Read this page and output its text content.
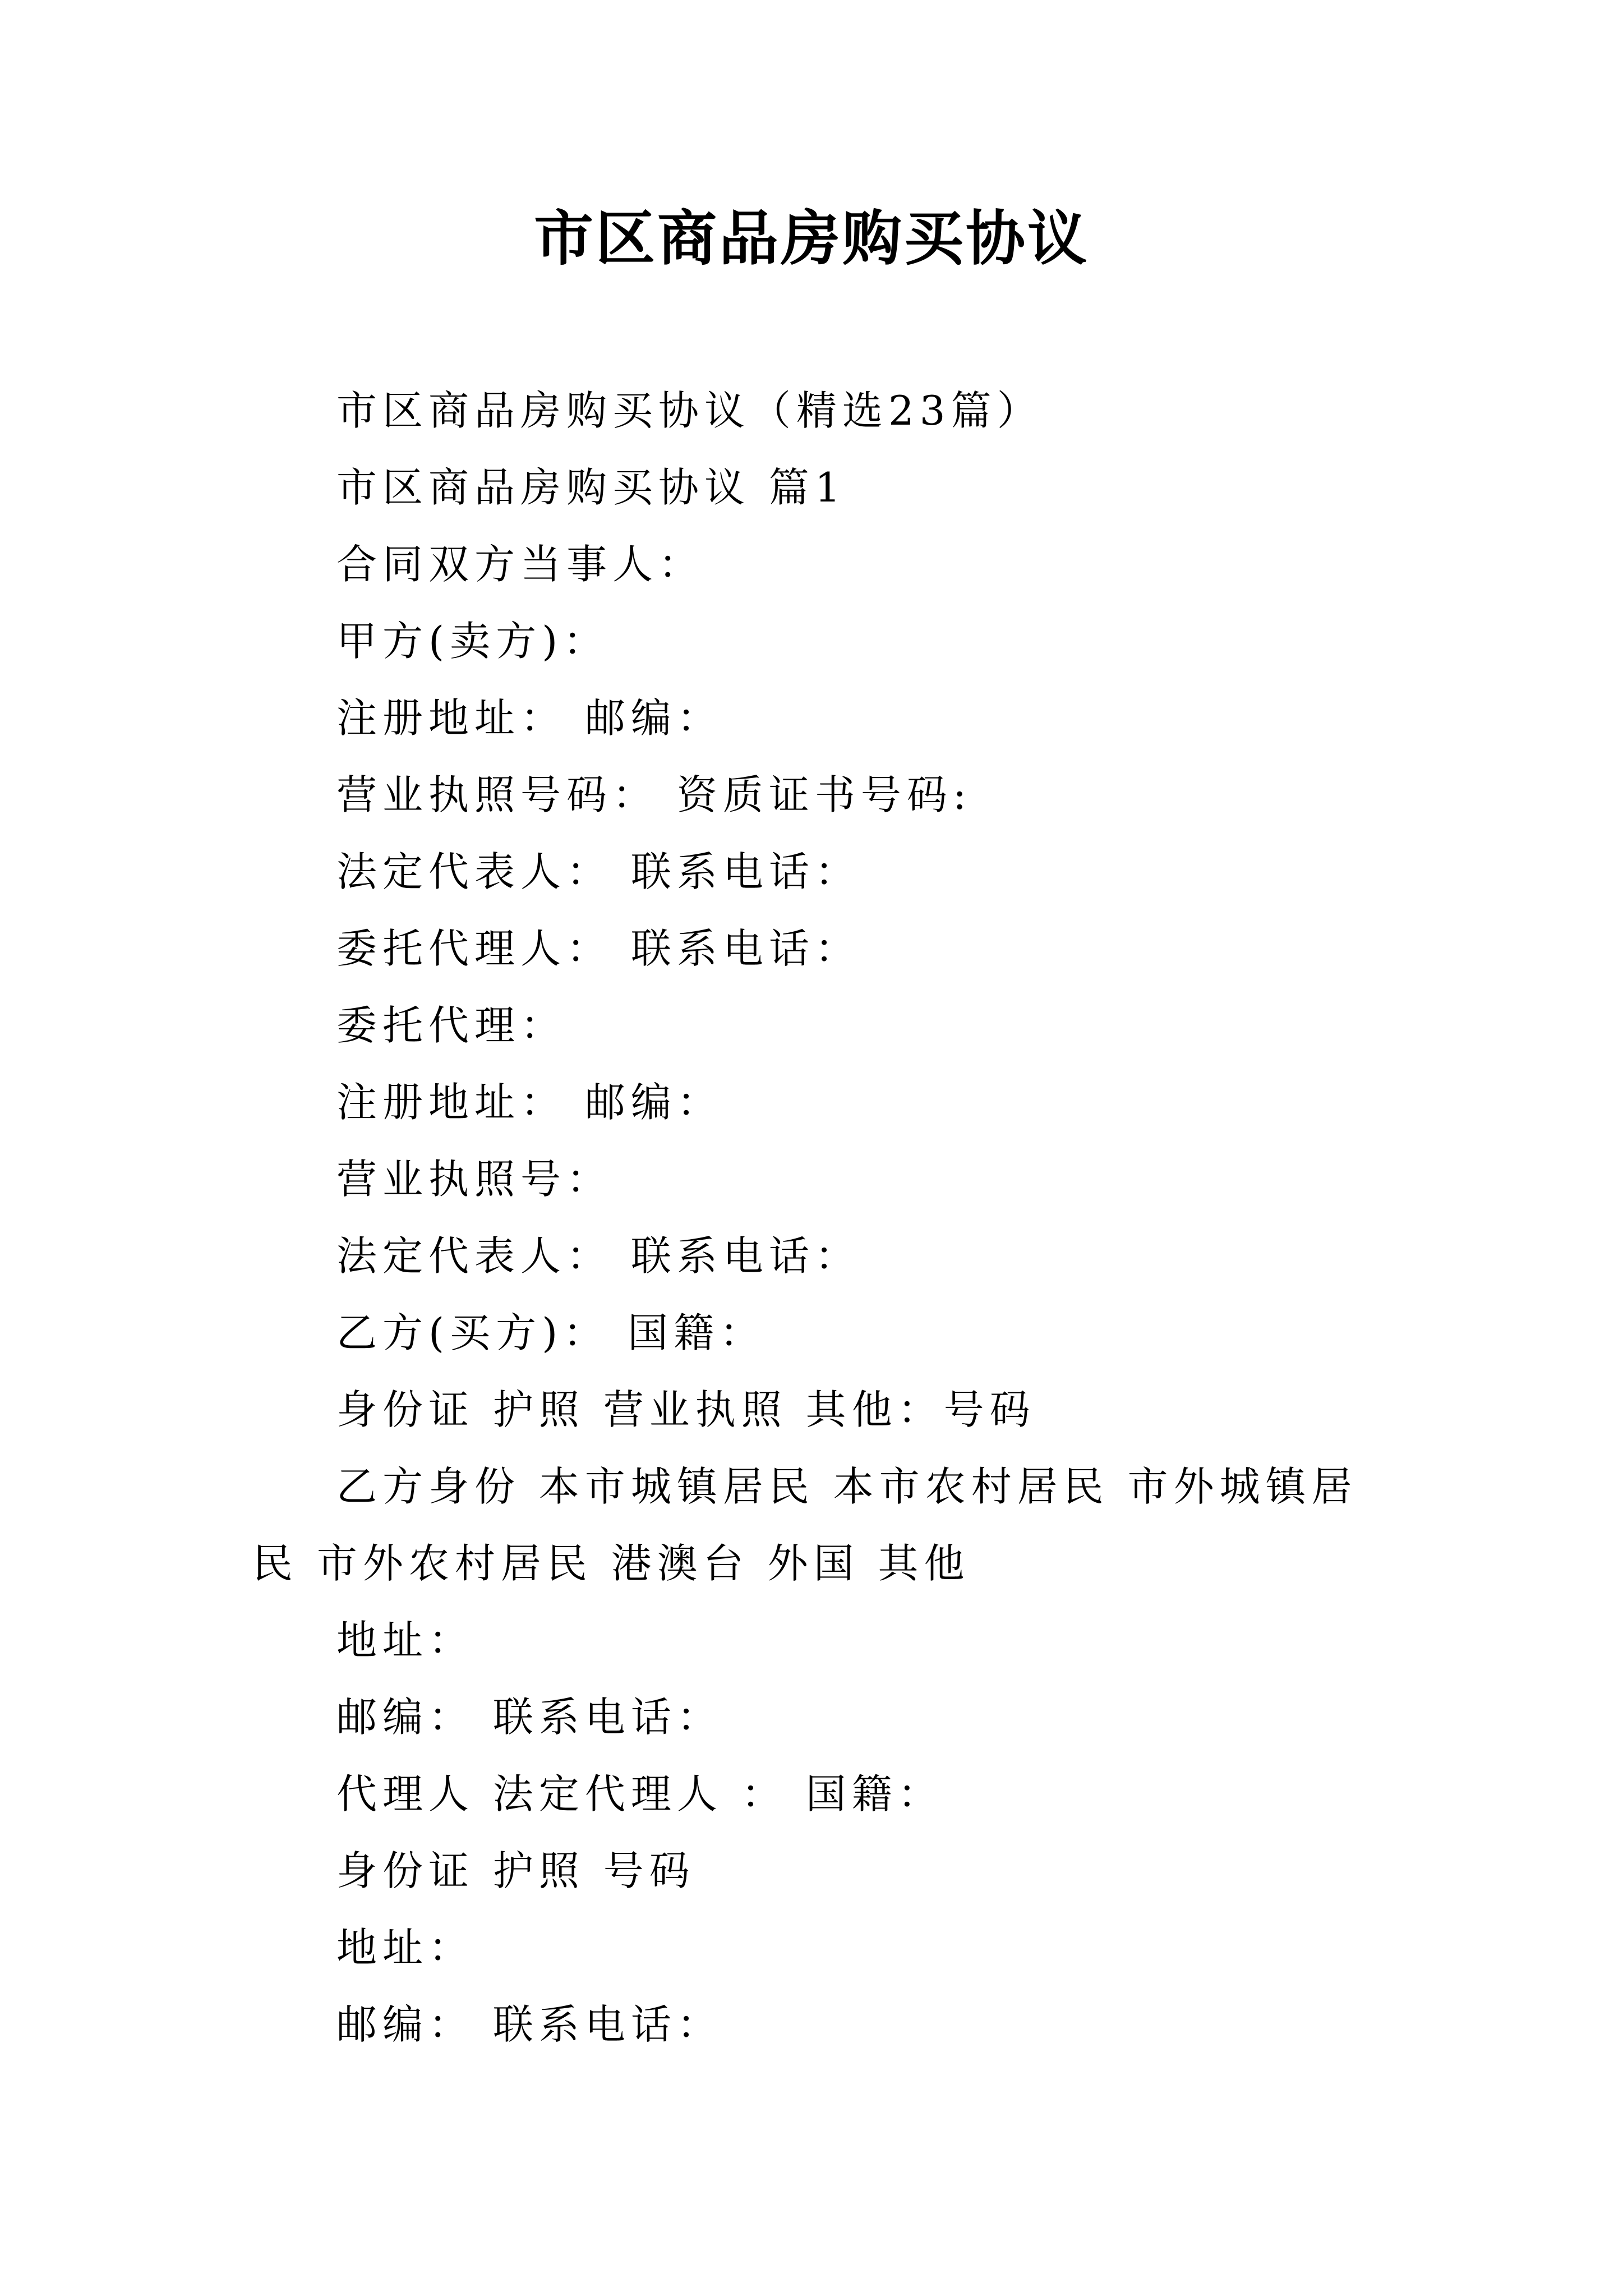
市区商品房购买协议

市区商品房购买协议（精选23篇）

市区商品房购买协议 篇1

合同双方当事人：

甲方(卖方)：

注册地址： 邮编：

营业执照号码： 资质证书号码:

法定代表人： 联系电话：

委托代理人： 联系电话：

委托代理：

注册地址： 邮编：

营业执照号：

法定代表人： 联系电话：

乙方(买方)： 国籍：

身份证 护照 营业执照 其他：号码

乙方身份 本市城镇居民 本市农村居民 市外城镇居民 市外农村居民 港澳台 外国 其他

地址：

邮编： 联系电话：

代理人 法定代理人 ： 国籍：

身份证 护照 号码

地址：

邮编： 联系电话：
